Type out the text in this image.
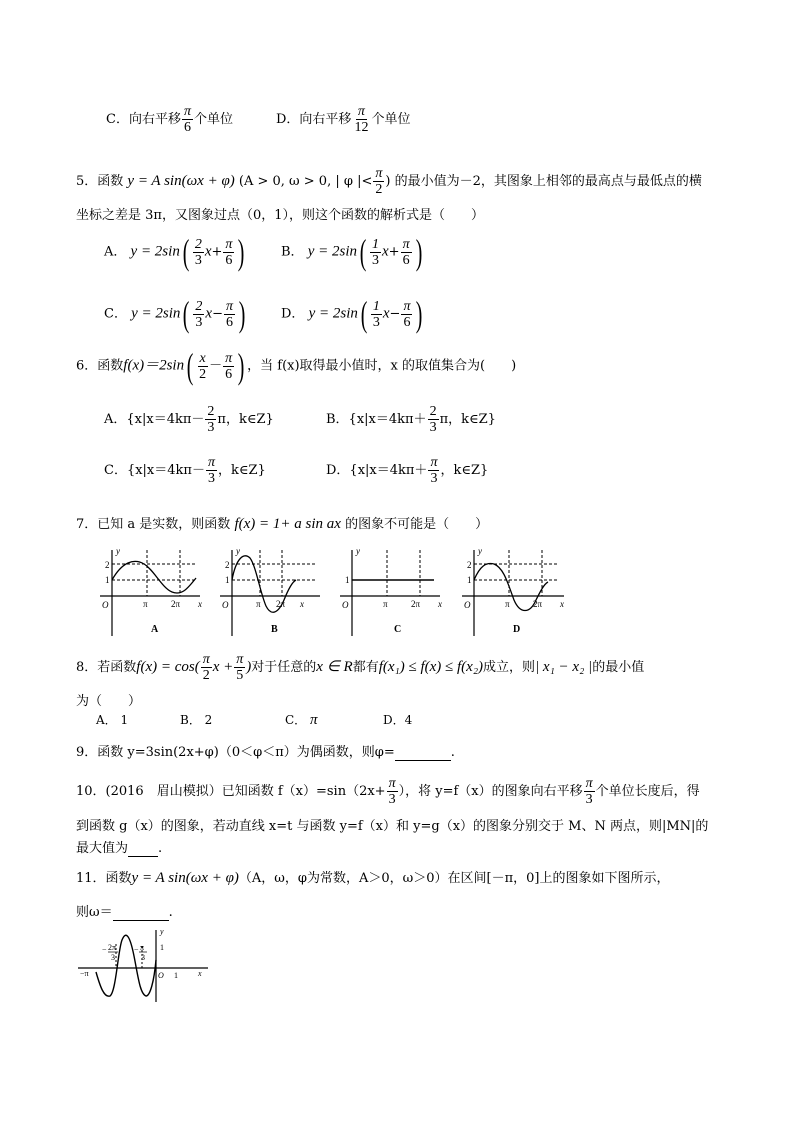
C．向右平移 $\frac{\pi}{6}$ 个单位	D．向右平移 $\frac{\pi}{12}$ 个单位
5．函数 y = A sin(ωx + φ) (A > 0, ω > 0, | φ |< $\frac{\pi}{2}$ ) 的最小值为－2，其图象上相邻的最高点与最低点的横
坐标之差是 3π，又图象过点（0，1），则这个函数的解析式是（　　）
A． $y = 2\sin( \frac{2}{3} x+ \frac{\pi}{6}$ )	B． $y = 2\sin( \frac{1}{3} x+ \frac{\pi}{6}$ )
C． $y = 2\sin( \frac{2}{3} x- \frac{\pi}{6}$ )	D． $y = 2\sin( \frac{1}{3} x- \frac{\pi}{6}$ )
6．函数$f(x)=2\sin( \frac{x}{2} - \frac{\pi}{6}$ ) ，当 f(x)取得最小值时，x 的取值集合为(　　)
A．{$x|x=4k\pi- \frac{2}{3}$ π，k∈Z}	B．{$x|x=4k\pi+ \frac{2}{3}$ π，k∈Z}
C．{$x|x=4k\pi- \frac{\pi}{3}$ ，k∈Z}	D．{$x|x=4k\pi+ \frac{\pi}{3}$ ，k∈Z}
7．已知 a 是实数，则函数 f(x) = 1+ a sin ax 的图象不可能是（　　）
y
2
1
O	π	2π x
A
y
2
1
O	π 2π x
B
y
1
O	π	2π x
C
y
2
1
O	π	2π x
D
8．若函数$f(x) = \cos( \frac{\pi}{2}$ $x + \frac{\pi}{5}$ )对于任意的x ∈ R都有f(x₁) ≤ f(x) ≤ f(x₂)成立，则| x₁ − x₂ |的最小值
为（　　）
A． 1	B． 2	C． π	D．4
9．函数 y=3sin(2x+φ)（0＜φ＜π）为偶函数，则φ=	.
10．(2016　眉山模拟）已知函数 $f(x)=\sin(2x+ \frac{\pi}{3}$ ），将 y=f（x）的图象向右平移 $\frac{\pi}{3}$ 个单位长度后，得
到函数 g（x）的图象，若动直线 x=t 与函数 y=f（x）和 y=g（x）的图象分别交于 M、N 两点，则|MN|的
最大值为 .
11．函数y = A sin(ωx + φ)（A，ω，φ为常数，A＞0，ω＞0）在区间[－π，0]上的图象如下图所示，
则ω＝	.
y
1
−π
− 2π
3
− π
3
O 1	x
